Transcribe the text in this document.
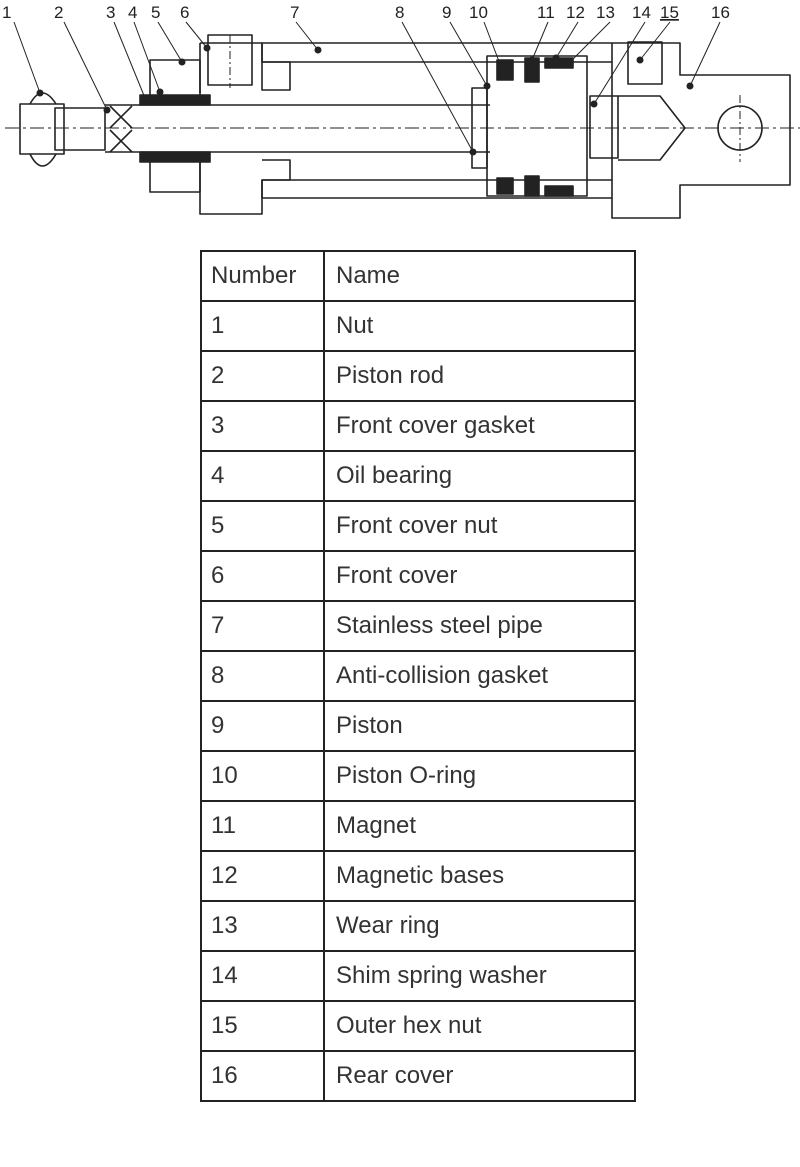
1	2	3 4 5 6	7	8 9 10	11 12 13 14 15 16
Number	Name
1	Nut
2	Piston rod
3	Front cover gasket
4	Oil bearing
5	Front cover nut
6	Front cover
7	Stainless steel pipe
8	Anti-collision gasket
9	Piston
10	Piston O-ring
11	Magnet
12	Magnetic bases
13	Wear ring
14	Shim spring washer
15	Outer hex nut
16	Rear cover
